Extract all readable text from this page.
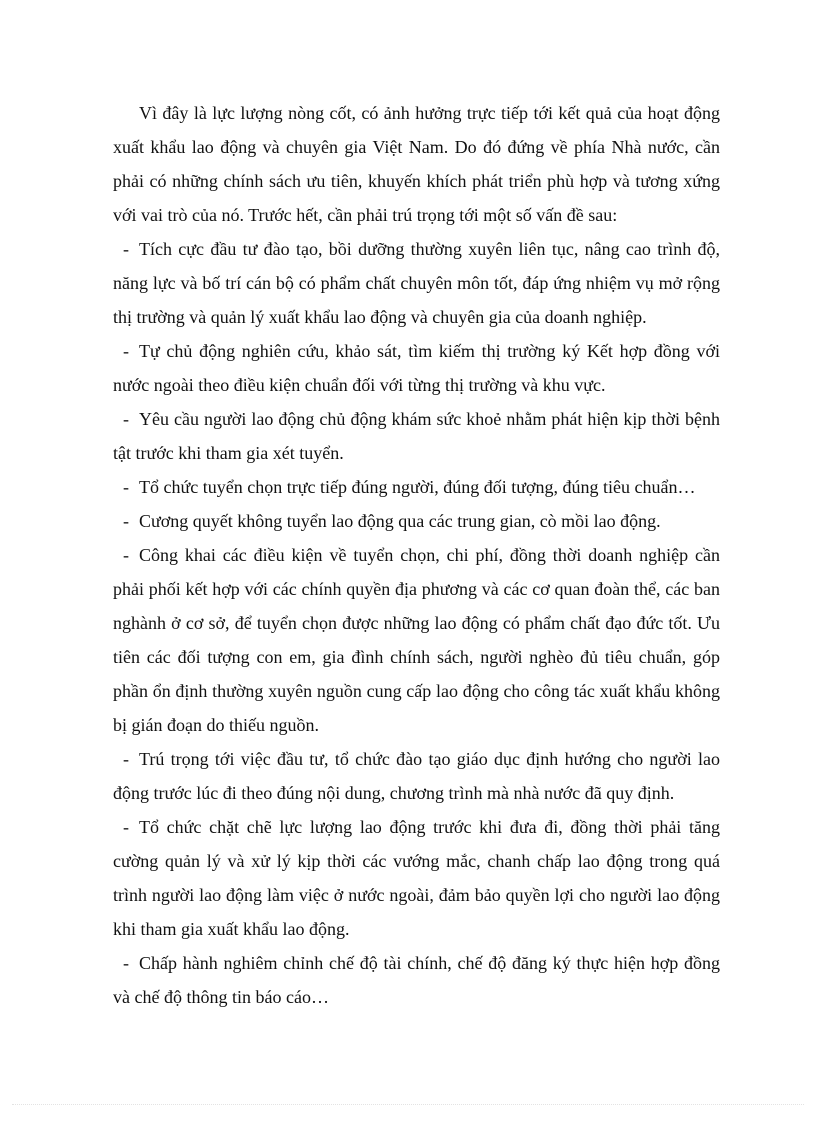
Vì đây là lực lượng nòng cốt, có ảnh hưởng trực tiếp tới kết quả của hoạt động xuất khẩu lao động và chuyên gia Việt Nam. Do đó đứng về phía Nhà nước, cần phải có những chính sách ưu tiên, khuyến khích phát triển phù hợp và tương xứng với vai trò của nó. Trước hết, cần phải trú trọng tới một số vấn đề sau:

- Tích cực đầu tư đào tạo, bồi dưỡng thường xuyên liên tục, nâng cao trình độ, năng lực và bố trí cán bộ có phẩm chất chuyên môn tốt, đáp ứng nhiệm vụ mở rộng thị trường và quản lý xuất khẩu lao động và chuyên gia của doanh nghiệp.

- Tự chủ động nghiên cứu, khảo sát, tìm kiếm thị trường ký Kết hợp đồng với nước ngoài theo điều kiện chuẩn đối với từng thị trường và khu vực.

- Yêu cầu người lao động chủ động khám sức khoẻ nhằm phát hiện kịp thời bệnh tật trước khi tham gia xét tuyển.

- Tổ chức tuyển chọn trực tiếp đúng người, đúng đối tượng, đúng tiêu chuẩn…

- Cương quyết không tuyển lao động qua các trung gian, cò mồi lao động.

- Công khai các điều kiện về tuyển chọn, chi phí, đồng thời doanh nghiệp cần phải phối kết hợp với các chính quyền địa phương và các cơ quan đoàn thể, các ban nghành ở cơ sở, để tuyển chọn được những lao động có phẩm chất đạo đức tốt. Ưu tiên các đối tượng con em, gia đình chính sách, người nghèo đủ tiêu chuẩn, góp phần ổn định thường xuyên nguồn cung cấp lao động cho công tác xuất khẩu không bị gián đoạn do thiếu nguồn.

- Trú trọng tới việc đầu tư, tổ chức đào tạo giáo dục định hướng cho người lao động trước lúc đi theo đúng nội dung, chương trình mà nhà nước đã quy định.

- Tổ chức chặt chẽ lực lượng lao động trước khi đưa đi, đồng thời phải tăng cường quản lý và xử lý kịp thời các vướng mắc, chanh chấp lao động trong quá trình người lao động làm việc ở nước ngoài, đảm bảo quyền lợi cho người lao động khi tham gia xuất khẩu lao động.

- Chấp hành nghiêm chỉnh chế độ tài chính, chế độ đăng ký thực hiện hợp đồng và chế độ thông tin báo cáo…
